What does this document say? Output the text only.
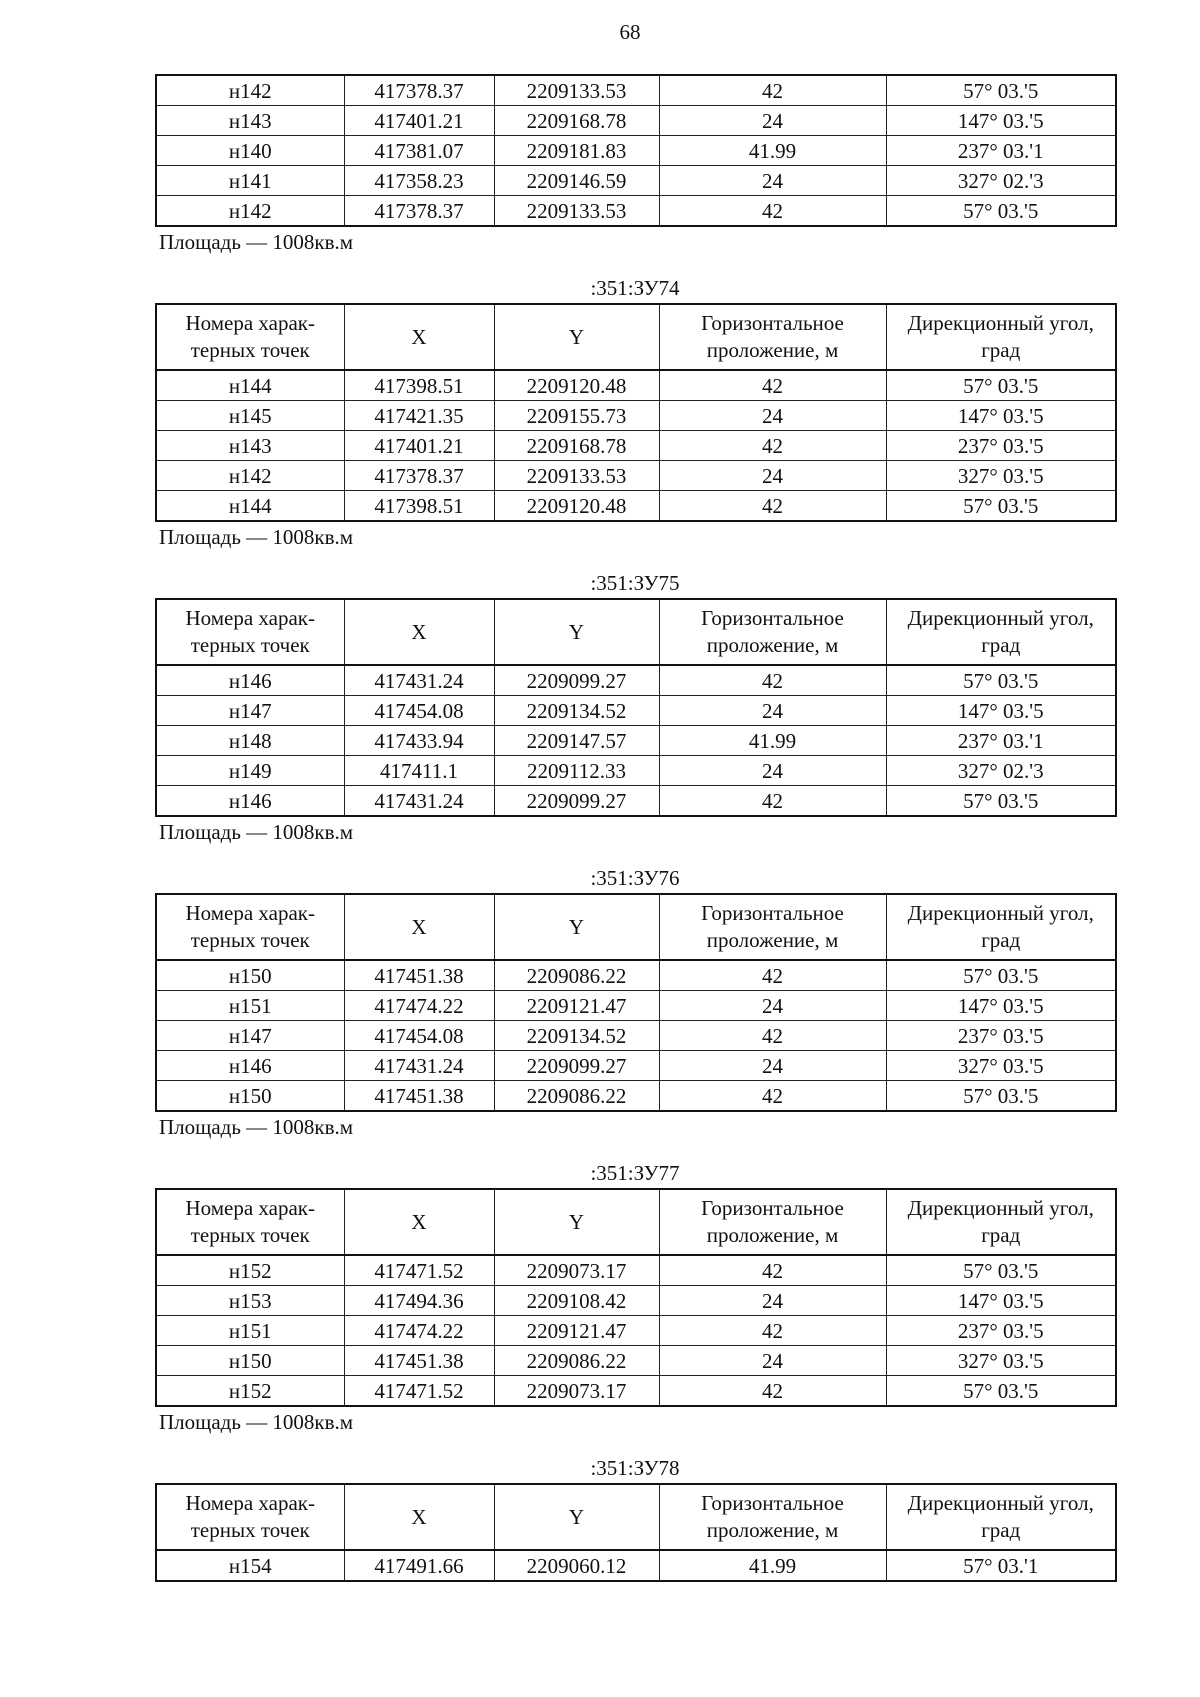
68
н142	417378.37	2209133.53	42	57° 03.'5
н143	417401.21	2209168.78	24	147° 03.'5
н140	417381.07	2209181.83	41.99	237° 03.'1
н141	417358.23	2209146.59	24	327° 02.'3
н142	417378.37	2209133.53	42	57° 03.'5
Площадь — 1008кв.м
:351:ЗУ74
Номера харак-терных точек	X	Y	Горизонтальное проложение, м	Дирекционный угол, град
н144	417398.51	2209120.48	42	57° 03.'5
н145	417421.35	2209155.73	24	147° 03.'5
н143	417401.21	2209168.78	42	237° 03.'5
н142	417378.37	2209133.53	24	327° 03.'5
н144	417398.51	2209120.48	42	57° 03.'5
Площадь — 1008кв.м
:351:ЗУ75
Номера харак-терных точек	X	Y	Горизонтальное проложение, м	Дирекционный угол, град
н146	417431.24	2209099.27	42	57° 03.'5
н147	417454.08	2209134.52	24	147° 03.'5
н148	417433.94	2209147.57	41.99	237° 03.'1
н149	417411.1	2209112.33	24	327° 02.'3
н146	417431.24	2209099.27	42	57° 03.'5
Площадь — 1008кв.м
:351:ЗУ76
Номера харак-терных точек	X	Y	Горизонтальное проложение, м	Дирекционный угол, град
н150	417451.38	2209086.22	42	57° 03.'5
н151	417474.22	2209121.47	24	147° 03.'5
н147	417454.08	2209134.52	42	237° 03.'5
н146	417431.24	2209099.27	24	327° 03.'5
н150	417451.38	2209086.22	42	57° 03.'5
Площадь — 1008кв.м
:351:ЗУ77
Номера харак-терных точек	X	Y	Горизонтальное проложение, м	Дирекционный угол, град
н152	417471.52	2209073.17	42	57° 03.'5
н153	417494.36	2209108.42	24	147° 03.'5
н151	417474.22	2209121.47	42	237° 03.'5
н150	417451.38	2209086.22	24	327° 03.'5
н152	417471.52	2209073.17	42	57° 03.'5
Площадь — 1008кв.м
:351:ЗУ78
Номера харак-терных точек	X	Y	Горизонтальное проложение, м	Дирекционный угол, град
н154	417491.66	2209060.12	41.99	57° 03.'1
